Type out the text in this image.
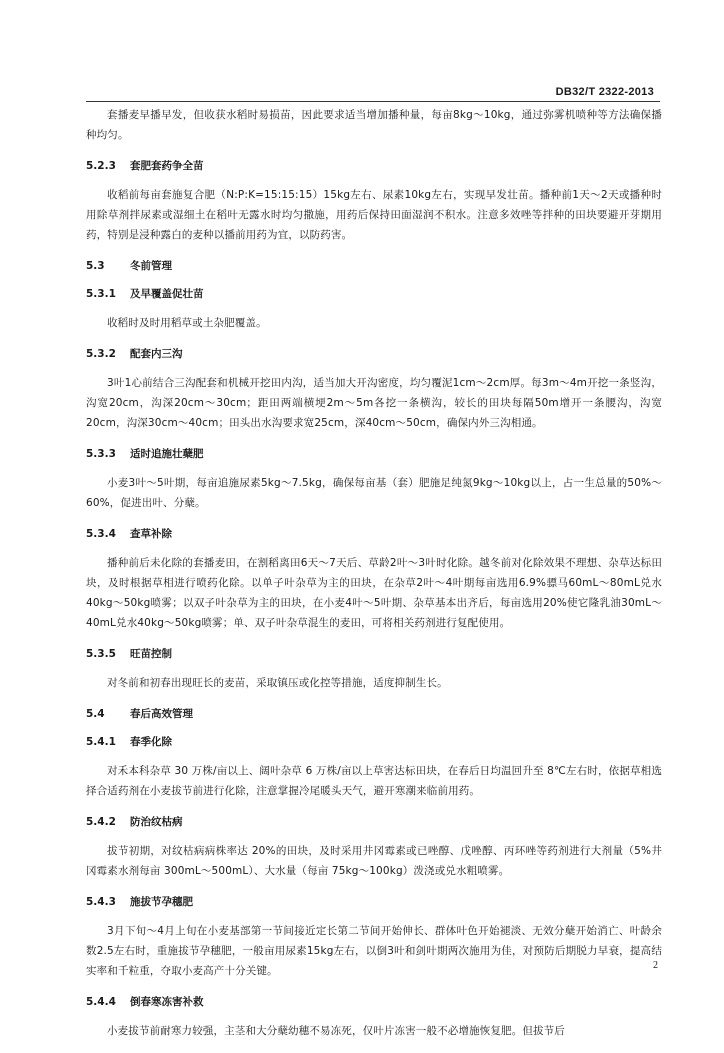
DB32/T 2322-2013

套播麦早播早发，但收获水稻时易损苗，因此要求适当增加播种量，每亩8kg～10kg，通过弥雾机喷种等方法确保播种均匀。

5.2.3 套肥套药争全苗

收稻前每亩套施复合肥（N:P:K=15:15:15）15kg左右、尿素10kg左右，实现早发壮苗。播种前1天～2天或播种时用除草剂拌尿素或湿细土在稻叶无露水时均匀撒施，用药后保持田面湿润不积水。注意多效唑等拌种的田块要避开芽期用药，特别是浸种露白的麦种以播前用药为宜，以防药害。

5.3 冬前管理
5.3.1 及早覆盖促壮苗

收稻时及时用稻草或土杂肥覆盖。

5.3.2 配套内三沟

3叶1心前结合三沟配套和机械开挖田内沟，适当加大开沟密度，均匀覆泥1cm～2cm厚。每3m～4m开挖一条竖沟，沟宽20cm，沟深20cm～30cm；距田两端横埂2m～5m各挖一条横沟，较长的田块每隔50m增开一条腰沟，沟宽20cm，沟深30cm～40cm；田头出水沟要求宽25cm，深40cm～50cm，确保内外三沟相通。

5.3.3 适时追施壮蘖肥

小麦3叶～5叶期，每亩追施尿素5kg～7.5kg，确保每亩基（套）肥施足纯氮9kg～10kg以上，占一生总量的50%～60%，促进出叶、分蘖。

5.3.4 查草补除

播种前后未化除的套播麦田，在割稻离田6天～7天后、草龄2叶～3叶时化除。越冬前对化除效果不理想、杂草达标田块，及时根据草相进行喷药化除。以单子叶杂草为主的田块，在杂草2叶～4叶期每亩选用6.9%骠马60mL～80mL兑水40kg～50kg喷雾；以双子叶杂草为主的田块，在小麦4叶～5叶期、杂草基本出齐后，每亩选用20%使它隆乳油30mL～40mL兑水40kg～50kg喷雾；单、双子叶杂草混生的麦田，可将相关药剂进行复配使用。

5.3.5 旺苗控制

对冬前和初春出现旺长的麦苗，采取镇压或化控等措施，适度抑制生长。

5.4 春后高效管理
5.4.1 春季化除

对禾本科杂草 30 万株/亩以上、阔叶杂草 6 万株/亩以上草害达标田块，在春后日均温回升至 8℃左右时，依据草相选择合适药剂在小麦拔节前进行化除，注意掌握冷尾暖头天气，避开寒潮来临前用药。

5.4.2 防治纹枯病

拔节初期，对纹枯病病株率达 20%的田块，及时采用井冈霉素或已唑醇、戊唑醇、丙环唑等药剂进行大剂量（5%井冈霉素水剂每亩 300mL～500mL）、大水量（每亩 75kg～100kg）泼浇或兑水粗喷雾。

5.4.3 施拔节孕穗肥

3月下旬～4月上旬在小麦基部第一节间接近定长第二节间开始伸长、群体叶色开始褪淡、无效分蘖开始消亡、叶龄余数2.5左右时，重施拔节孕穗肥，一般亩用尿素15kg左右，以倒3叶和剑叶期两次施用为佳，对预防后期脱力早衰，提高结实率和千粒重，夺取小麦高产十分关键。

5.4.4 倒春寒冻害补救

小麦拔节前耐寒力较强，主茎和大分蘖幼穗不易冻死，仅叶片冻害一般不必增施恢复肥。但拔节后

2
